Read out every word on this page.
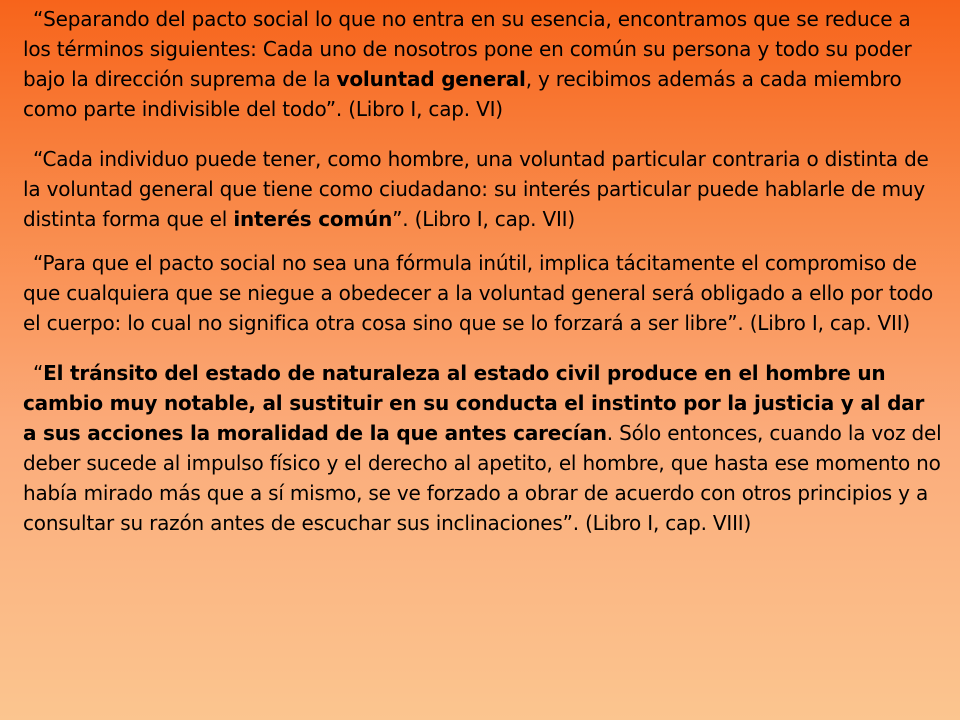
“Separando del pacto social lo que no entra en su esencia, encontramos que se reduce a los términos siguientes: Cada uno de nosotros pone en común su persona y todo su poder bajo la dirección suprema de la voluntad general, y recibimos además a cada miembro como parte indivisible del todo”. (Libro I, cap. VI)

“Cada individuo puede tener, como hombre, una voluntad particular contraria o distinta de la voluntad general que tiene como ciudadano: su interés particular puede hablarle de muy distinta forma que el interés común”. (Libro I, cap. VII)

“Para que el pacto social no sea una fórmula inútil, implica tácitamente el compromiso de que cualquiera que se niegue a obedecer a la voluntad general será obligado a ello por todo el cuerpo: lo cual no significa otra cosa sino que se lo forzará a ser libre”. (Libro I, cap. VII)

“El tránsito del estado de naturaleza al estado civil produce en el hombre un cambio muy notable, al sustituir en su conducta el instinto por la justicia y al dar a sus acciones la moralidad de la que antes carecían. Sólo entonces, cuando la voz del deber sucede al impulso físico y el derecho al apetito, el hombre, que hasta ese momento no había mirado más que a sí mismo, se ve forzado a obrar de acuerdo con otros principios y a consultar su razón antes de escuchar sus inclinaciones”. (Libro I, cap. VIII)
